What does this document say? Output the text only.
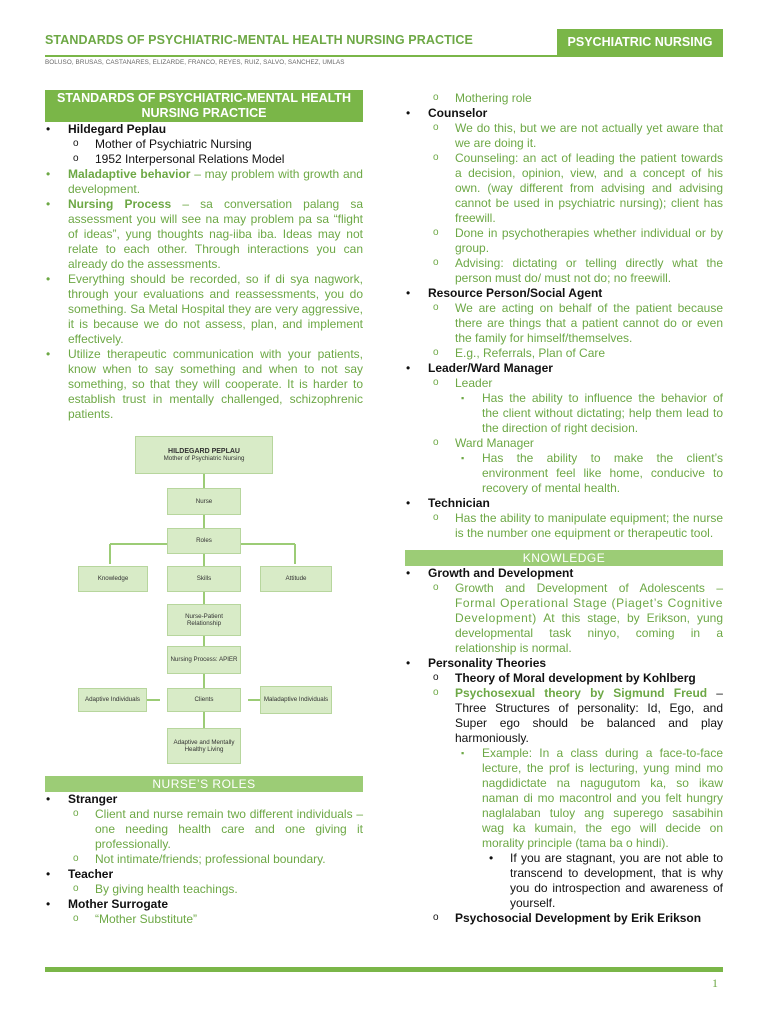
STANDARDS OF PSYCHIATRIC-MENTAL HEALTH NURSING PRACTICE	PSYCHIATRIC NURSING
BOLUSO, BRUSAS, CASTANARES, ELIZARDE, FRANCO, REYES, RUIZ, SALVO, SANCHEZ, UMLAS
STANDARDS OF PSYCHIATRIC-MENTAL HEALTH NURSING PRACTICE
• Hildegard Peplau
o Mother of Psychiatric Nursing
o 1952 Interpersonal Relations Model
• Maladaptive behavior – may problem with growth and development.
• Nursing Process – sa conversation palang sa assessment you will see na may problem pa sa “flight of ideas”, yung thoughts nag-iiba iba. Ideas may not relate to each other. Through interactions you can already do the assessments.
• Everything should be recorded, so if di sya nagwork, through your evaluations and reassessments, you do something. Sa Metal Hospital they are very aggressive, it is because we do not assess, plan, and implement effectively.
• Utilize therapeutic communication with your patients, know when to say something and when to not say something, so that they will cooperate. It is harder to establish trust in mentally challenged, schizophrenic patients.
HILDEGARD PEPLAU
Mother of Psychiatric Nursing
Nurse
Roles
Knowledge	Skills	Attitude
Nurse-Patient Relationship
Nursing Process: APIER
Adaptive Individuals	Clients	Maladaptive Individuals
Adaptive and Mentally Healthy Living
NURSE’S ROLES
• Stranger
o Client and nurse remain two different individuals – one needing health care and one giving it professionally.
o Not intimate/friends; professional boundary.
• Teacher
o By giving health teachings.
• Mother Surrogate
o “Mother Substitute”
o Mothering role
• Counselor
o We do this, but we are not actually yet aware that we are doing it.
o Counseling: an act of leading the patient towards a decision, opinion, view, and a concept of his own. (way different from advising and advising cannot be used in psychiatric nursing); client has freewill.
o Done in psychotherapies whether individual or by group.
o Advising: dictating or telling directly what the person must do/ must not do; no freewill.
• Resource Person/Social Agent
o We are acting on behalf of the patient because there are things that a patient cannot do or even the family for himself/themselves.
o E.g., Referrals, Plan of Care
• Leader/Ward Manager
o Leader
▪ Has the ability to influence the behavior of the client without dictating; help them lead to the direction of right decision.
o Ward Manager
▪ Has the ability to make the client’s environment feel like home, conducive to recovery of mental health.
• Technician
o Has the ability to manipulate equipment; the nurse is the number one equipment or therapeutic tool.
KNOWLEDGE
• Growth and Development
o Growth and Development of Adolescents – Formal Operational Stage (Piaget’s Cognitive Development) At this stage, by Erikson, yung developmental task ninyo, coming in a relationship is normal.
• Personality Theories
o Theory of Moral development by Kohlberg
o Psychosexual theory by Sigmund Freud – Three Structures of personality: Id, Ego, and Super ego should be balanced and play harmoniously.
▪ Example: In a class during a face-to-face lecture, the prof is lecturing, yung mind mo nagdidictate na nagugutom ka, so ikaw naman di mo macontrol and you felt hungry naglalaban tuloy ang superego sasabihin wag ka kumain, the ego will decide on morality principle (tama ba o hindi).
• If you are stagnant, you are not able to transcend to development, that is why you do introspection and awareness of yourself.
o Psychosocial Development by Erik Erikson
1
